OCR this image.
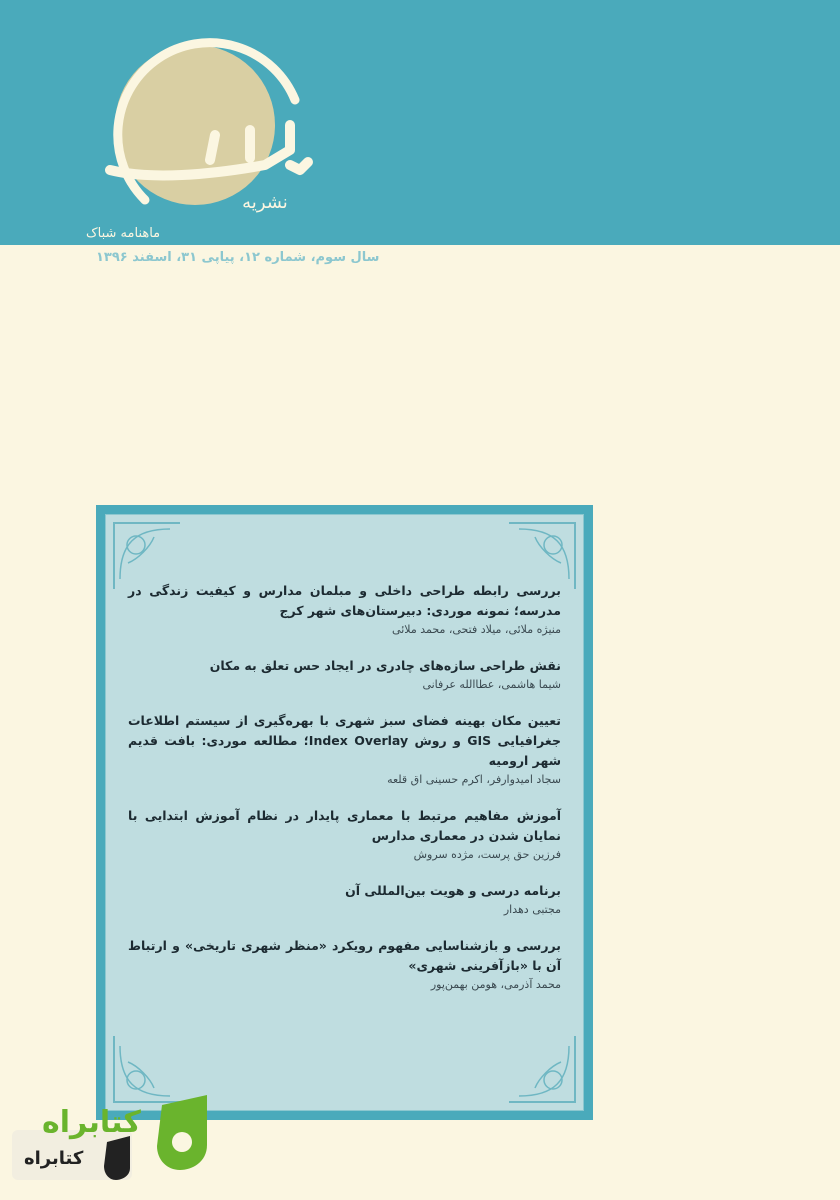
نشریه
ماهنامه شباک
سال سوم، شماره ۱۲، پیاپی ۳۱، اسفند ۱۳۹۶
بررسی رابطه طراحی داخلی و مبلمان مدارس و کیفیت زندگی در مدرسه؛ نمونه موردی: دبیرستان‌های شهر کرج
منیژه ملائی، میلاد فتحی، محمد ملائی
نقش طراحی سازه‌های چادری در ایجاد حس تعلق به مکان
شیما هاشمی، عطاالله عرفانی
تعیین مکان بهینه فضای سبز شهری با بهره‌گیری از سیستم اطلاعات جغرافیایی GIS و روش Index Overlay؛ مطالعه موردی: بافت قدیم شهر ارومیه
سجاد امیدوارفر، اکرم حسینی اق قلعه
آموزش مفاهیم مرتبط با معماری پایدار در نظام آموزش ابتدایی با نمایان شدن در معماری مدارس
فرزین حق پرست، مژده سروش
برنامه درسی و هویت بین‌المللی آن
مجتبی دهدار
بررسی و بازشناسایی مفهوم رویکرد «منظر شهری تاریخی» و ارتباط آن با «بازآفرینی شهری»
محمد آذرمی، هومن بهمن‌پور
کتابراه
کتابراه
